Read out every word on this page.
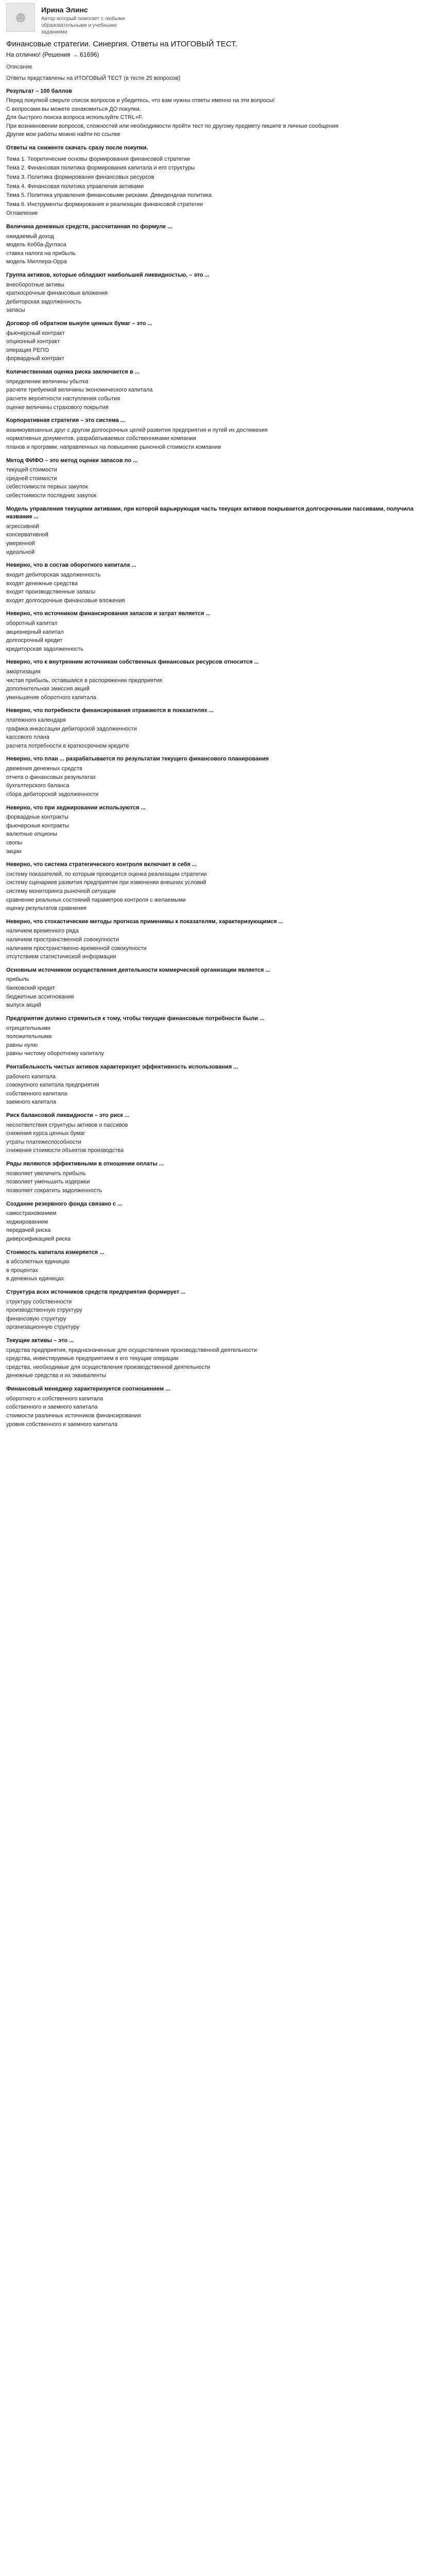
☻ Ирина Элинс
Автор который помогает с любыми образовательными и учебными заданиями
Финансовые стратегии. Синергия. Ответы на ИТОГОВЫЙ ТЕСТ.
На отлично! (Решения → 61696)
Описание
Ответы представлены на ИТОГОВЫЙ ТЕСТ (в тесте 25 вопросов)
Результат – 100 баллов
Перед покупкой сверьте список вопросов и убедитесь, что вам нужны ответы именно на эти вопросы!
С вопросами вы можете ознакомиться ДО покупки.
Для быстрого поиска вопроса используйте CTRL+F.
При возникновении вопросов, сложностей или необходимости пройти тест по другому предмету пишите в личные сообщения
Другие мои работы можно найти по ссылке
Ответы на сниженте скачать сразу после покупки.
Тема 1. Теоретические основы формирования финансовой стратегии
Тема 2. Финансовая политика формирования капитала и его структуры
Тема 3. Политика формирования финансовых ресурсов
Тема 4. Финансовая политика управления активами
Тема 5. Политика управления финансовыми рисками. Дивидендная политика
Тема 6. Инструменты формирования и реализации финансовой стратегии
Оглавление
Величина денежных средств, рассчитанная по формуле ...
ожидаемый доход
модель Кобба-Дугласа
ставка налога на прибыль
модель Миллера-Орра
Группа активов, которые обладают наибольшей ликвидностью, – это ...
внеоборотные активы
краткосрочные финансовые вложения
дебиторская задолженность
запасы
Договор об обратном выкупе ценных бумаг – это ...
фьючерсный контракт
опционный контракт
операция РЕПО
форвардный контракт
Количественная оценка риска заключается в ...
определении величины убытка
расчете требуемой величины экономического капитала
расчете вероятности наступления события
оценке величины страхового покрытия
Корпоративная стратегия – это система ...
взаимоувязанных друг с другом долгосрочных целей развития предприятия и путей их достижения
нормативных документов, разрабатываемых собственниками компании
планов и программ, направленных на повышение рыночной стоимости компании
Метод ФИФО – это метод оценки запасов по ...
текущей стоимости
средней стоимости
себестоимости первых закупок
себестоимости последних закупок
Модель управления текущими активами, при которой варьирующая часть текущих активов покрывается долгосрочными пассивами, получила название ...
агрессивной
консервативной
умеренной
идеальной
Неверно, что в состав оборотного капитала ...
входит дебиторская задолженность
входят денежные средства
входят производственные запасы
входят долгосрочные финансовые вложения
Неверно, что источником финансирования запасов и затрат является ...
оборотный капитал
акционерный капитал
долгосрочный кредит
кредиторская задолженность
Неверно, что к внутренним источникам собственных финансовых ресурсов относится ...
амортизация
чистая прибыль, оставшаяся в распоряжении предприятия
дополнительная эмиссия акций
уменьшение оборотного капитала
Неверно, что потребности финансирования отражаются в показателях ...
платежного календаря
графика инкассации дебиторской задолженности
кассового плана
расчета потребности в краткосрочном кредите
Неверно, что план ... разрабатывается по результатам текущего финансового планирования
движения денежных средств
отчета о финансовых результатах
бухгалтерского баланса
сбора дебиторской задолженности
Неверно, что при хеджировании используются ...
форвардные контракты
фьючерсные контракты
валютные опционы
свопы
акции
Неверно, что система стратегического контроля включает в себя ...
систему показателей, по которым проводится оценка реализации стратегии
систему сценариев развития предприятия при изменении внешних условий
систему мониторинга рыночной ситуации
сравнение реальных состояний параметров контроля с желаемыми
оценку результатов сравнения
Неверно, что стохастические методы прогноза применимы к показателям, характеризующимся ...
наличием временного ряда
наличием пространственной совокупности
наличием пространственно-временной совокупности
отсутствием статистической информации
Основным источником осуществления деятельности коммерческой организации является ...
прибыль
банковский кредит
бюджетные ассигнования
выпуск акций
Предприятие должно стремиться к тому, чтобы текущие финансовые потребности были ...
отрицательными
положительными
равны нулю
равны чистому оборотному капиталу
Рентабельность чистых активов характеризует эффективность использования ...
рабочего капитала
совокупного капитала предприятия
собственного капитала
заемного капитала
Риск балансовой ликвидности – это риск ...
несоответствия структуры активов и пассивов
снижения курса ценных бумаг
утраты платежеспособности
снижения стоимости объектов производства
Ряды являются эффективными в отношении оплаты ...
позволяет увеличить прибыль
позволяет уменьшить издержки
позволяет сократить задолженность
Создание резервного фонда связано с ...
самострахованием
хеджированием
передачей риска
диверсификацией риска
Стоимость капитала измеряется ...
в абсолютных единицах
в процентах
в денежных единицах
Структура всех источников средств предприятия формирует ...
структуру собственности
производственную структуру
финансовую структуру
организационную структуру
Текущие активы – это ...
средства предприятия, предназначенные для осуществления производственной деятельности
средства, инвестируемые предприятием в его текущие операции
средства, необходимые для осуществления производственной деятельности
денежные средства и их эквиваленты
Финансовый менеджер характеризуется соотношением ...
оборотного и собственного капитала
собственного и заемного капитала
стоимости различных источников финансирования
уровня собственного и заемного капитала
